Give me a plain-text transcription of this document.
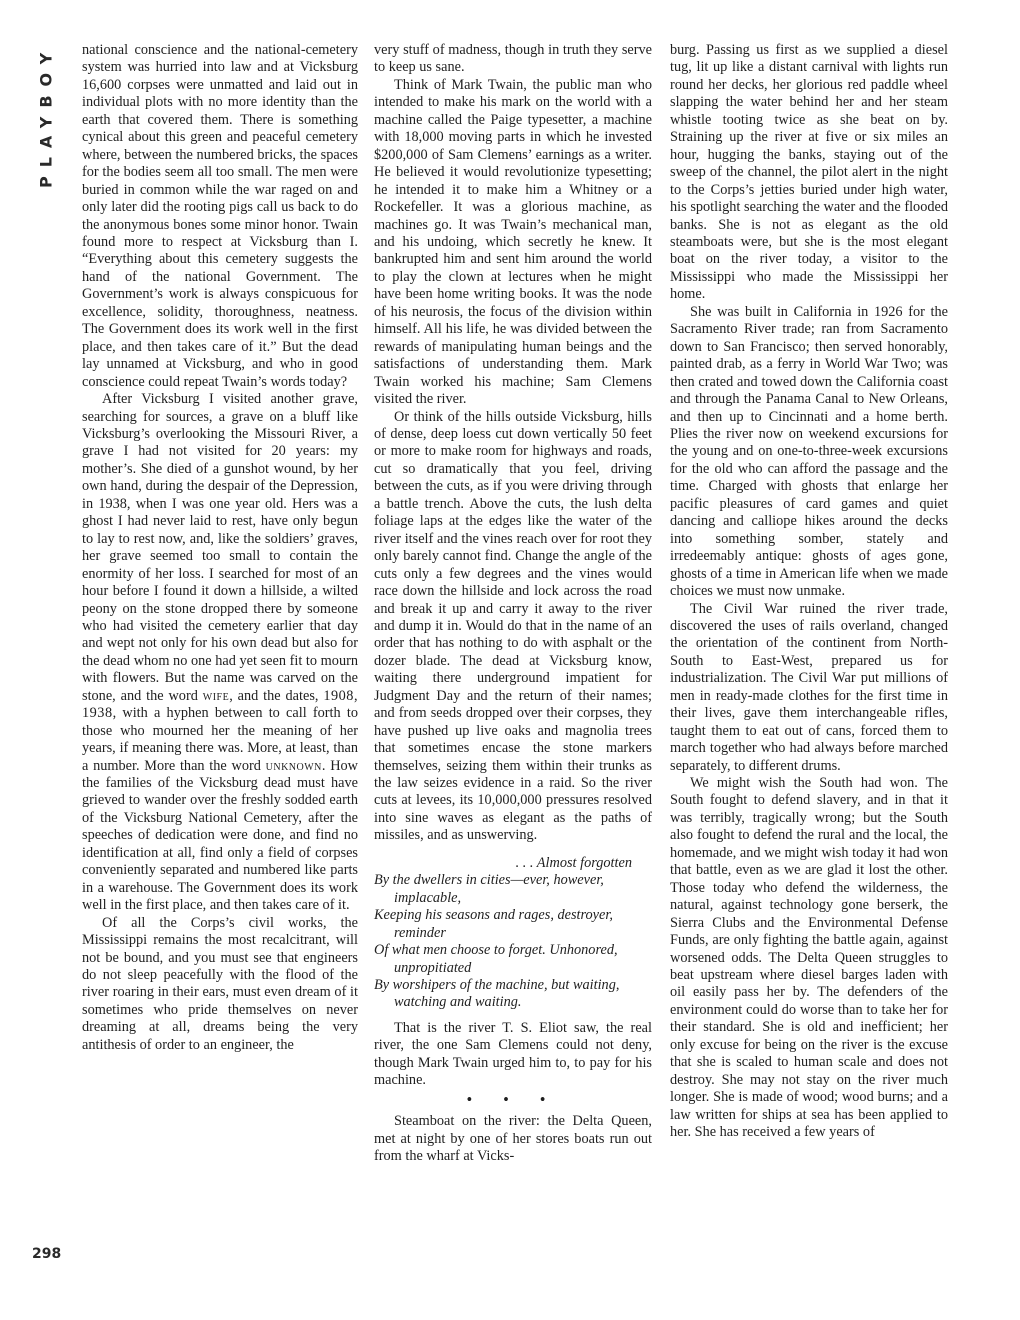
PLAYBOY
298

national conscience and the national-cemetery system was hurried into law and at Vicksburg 16,600 corpses were unmatted and laid out in individual plots with no more identity than the earth that covered them. There is something cynical about this green and peaceful cemetery where, between the numbered bricks, the spaces for the bodies seem all too small. The men were buried in common while the war raged on and only later did the rooting pigs call us back to do the anonymous bones some minor honor. Twain found more to respect at Vicksburg than I. “Everything about this cemetery suggests the hand of the national Government. The Government’s work is always conspicuous for excellence, solidity, thoroughness, neatness. The Government does its work well in the first place, and then takes care of it.” But the dead lay unnamed at Vicksburg, and who in good conscience could repeat Twain’s words today?

After Vicksburg I visited another grave, searching for sources, a grave on a bluff like Vicksburg’s overlooking the Missouri River, a grave I had not visited for 20 years: my mother’s. She died of a gunshot wound, by her own hand, during the despair of the Depression, in 1938, when I was one year old. Hers was a ghost I had never laid to rest, have only begun to lay to rest now, and, like the soldiers’ graves, her grave seemed too small to contain the enormity of her loss. I searched for most of an hour before I found it down a hillside, a wilted peony on the stone dropped there by someone who had visited the cemetery earlier that day and wept not only for his own dead but also for the dead whom no one had yet seen fit to mourn with flowers. But the name was carved on the stone, and the word wife, and the dates, 1908, 1938, with a hyphen between to call forth to those who mourned her the meaning of her years, if meaning there was. More, at least, than a number. More than the word unknown. How the families of the Vicksburg dead must have grieved to wander over the freshly sodded earth of the Vicksburg National Cemetery, after the speeches of dedication were done, and find no identification at all, find only a field of corpses conveniently separated and numbered like parts in a warehouse. The Government does its work well in the first place, and then takes care of it.

Of all the Corps’s civil works, the Mississippi remains the most recalcitrant, will not be bound, and you must see that engineers do not sleep peacefully with the flood of the river roaring in their ears, must even dream of it sometimes who pride themselves on never dreaming at all, dreams being the very antithesis of order to an engineer, the

very stuff of madness, though in truth they serve to keep us sane.

Think of Mark Twain, the public man who intended to make his mark on the world with a machine called the Paige typesetter, a machine with 18,000 moving parts in which he invested $200,000 of Sam Clemens’ earnings as a writer. He believed it would revolutionize typesetting; he intended it to make him a Whitney or a Rockefeller. It was a glorious machine, as machines go. It was Twain’s mechanical man, and his undoing, which secretly he knew. It bankrupted him and sent him around the world to play the clown at lectures when he might have been home writing books. It was the node of his neurosis, the focus of the division within himself. All his life, he was divided between the rewards of manipulating human beings and the satisfactions of understanding them. Mark Twain worked his machine; Sam Clemens visited the river.

Or think of the hills outside Vicksburg, hills of dense, deep loess cut down vertically 50 feet or more to make room for highways and roads, cut so dramatically that you feel, driving between the cuts, as if you were driving through a battle trench. Above the cuts, the lush delta foliage laps at the edges like the water of the river itself and the vines reach over for root they only barely cannot find. Change the angle of the cuts only a few degrees and the vines would race down the hillside and lock across the road and break it up and carry it away to the river and dump it in. Would do that in the name of an order that has nothing to do with asphalt or the dozer blade. The dead at Vicksburg know, waiting there underground impatient for Judgment Day and the return of their names; and from seeds dropped over their corpses, they have pushed up live oaks and magnolia trees that sometimes encase the stone markers themselves, seizing them within their trunks as the law seizes evidence in a raid. So the river cuts at levees, its 10,000,000 pressures resolved into sine waves as elegant as the paths of missiles, and as unswerving.

. . . Almost forgotten
By the dwellers in cities—ever, however, implacable,
Keeping his seasons and rages, destroyer, reminder
Of what men choose to forget. Unhonored, unpropitiated
By worshipers of the machine, but waiting, watching and waiting.

That is the river T. S. Eliot saw, the real river, the one Sam Clemens could not deny, though Mark Twain urged him to, to pay for his machine.

• • •

Steamboat on the river: the Delta Queen, met at night by one of her stores boats run out from the wharf at Vicks-

burg. Passing us first as we supplied a diesel tug, lit up like a distant carnival with lights run round her decks, her glorious red paddle wheel slapping the water behind her and her steam whistle tooting twice as she beat on by. Straining up the river at five or six miles an hour, hugging the banks, staying out of the sweep of the channel, the pilot alert in the night to the Corps’s jetties buried under high water, his spotlight searching the water and the flooded banks. She is not as elegant as the old steamboats were, but she is the most elegant boat on the river today, a visitor to the Mississippi who made the Mississippi her home.

She was built in California in 1926 for the Sacramento River trade; ran from Sacramento down to San Francisco; then served honorably, painted drab, as a ferry in World War Two; was then crated and towed down the California coast and through the Panama Canal to New Orleans, and then up to Cincinnati and a home berth. Plies the river now on weekend excursions for the young and on one-to-three-week excursions for the old who can afford the passage and the time. Charged with ghosts that enlarge her pacific pleasures of card games and quiet dancing and calliope hikes around the decks into something somber, stately and irredeemably antique: ghosts of ages gone, ghosts of a time in American life when we made choices we must now unmake.

The Civil War ruined the river trade, discovered the uses of rails overland, changed the orientation of the continent from North-South to East-West, prepared us for industrialization. The Civil War put millions of men in ready-made clothes for the first time in their lives, gave them interchangeable rifles, taught them to eat out of cans, forced them to march together who had always before marched separately, to different drums.

We might wish the South had won. The South fought to defend slavery, and in that it was terribly, tragically wrong; but the South also fought to defend the rural and the local, the homemade, and we might wish today it had won that battle, even as we are glad it lost the other. Those today who defend the wilderness, the natural, against technology gone berserk, the Sierra Clubs and the Environmental Defense Funds, are only fighting the battle again, against worsened odds. The Delta Queen struggles to beat upstream where diesel barges laden with oil easily pass her by. The defenders of the environment could do worse than to take her for their standard. She is old and inefficient; her only excuse for being on the river is the excuse that she is scaled to human scale and does not destroy. She may not stay on the river much longer. She is made of wood; wood burns; and a law written for ships at sea has been applied to her. She has received a few years of
